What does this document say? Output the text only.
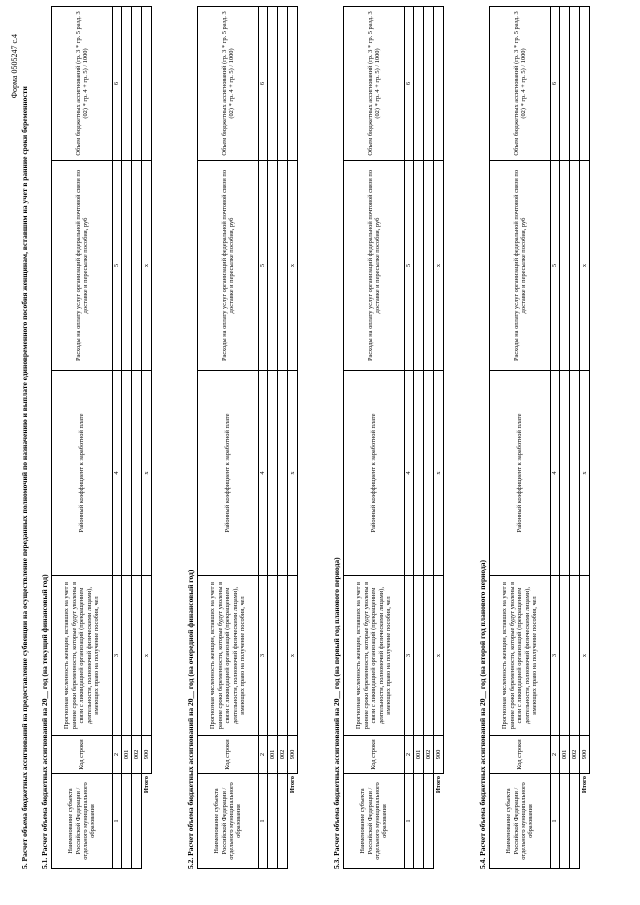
Форма 0505247 с.4
5. Расчет объема бюджетных ассигнований на предоставление субвенции на осуществление переданных полномочий по назначению и выплате единовременного пособия женщинам, вставшим на учет в ранние сроки беременности 5.1. Расчет объема бюджетных ассигнований на 20__ год (на текущий финансовый год)	Наименование субъекта Российской Федерации / отдельного муниципального образования	Код строки	Прогнозная численность женщин, вставших на учет в ранние сроки беременности, которые будут уволены в связи с ликвидацией организаций (прекращением деятельности, полномочий физическими лицами), имеющих право на получение пособия, чел	Районный коэффициент к заработной плате	Расходы на оплату услуг организаций федеральной почтовой связи по доставке и пересылке пособия, руб	Объем бюджетных ассигнований (гр. 3 * гр. 5 разд. 3 (02) * гр. 4 + гр. 5) / 1000)
1	2	3	4	5	6
	001				
	002				
Итого	900	x	x	x	
5.2. Расчет объема бюджетных ассигнований на 20__ год (на очередной финансовый год)	Наименование субъекта Российской Федерации / отдельного муниципального образования	Код строки	Прогнозная численность женщин, вставших на учет в ранние сроки беременности, которые будут уволены в связи с ликвидацией организаций (прекращением деятельности, полномочий физическими лицами), имеющих право на получение пособия, чел	Районный коэффициент к заработной плате	Расходы на оплату услуг организаций федеральной почтовой связи по доставке и пересылке пособия, руб	Объем бюджетных ассигнований (гр. 3 * гр. 5 разд. 3 (02) * гр. 4 + гр. 5) / 1000)
1	2	3	4	5	6
	001				
	002				
Итого	900	x	x	x	
5.3. Расчет объема бюджетных ассигнований на 20__ год (на первый год планового периода)	Наименование субъекта Российской Федерации / отдельного муниципального образования	Код строки	Прогнозная численность женщин, вставших на учет в ранние сроки беременности, которые будут уволены в связи с ликвидацией организаций (прекращением деятельности, полномочий физическими лицами), имеющих право на получение пособия, чел	Районный коэффициент к заработной плате	Расходы на оплату услуг организаций федеральной почтовой связи по доставке и пересылке пособия, руб	Объем бюджетных ассигнований (гр. 3 * гр. 5 разд. 3 (02) * гр. 4 + гр. 5) / 1000)
1	2	3	4	5	6
	001				
	002				
Итого	900	x	x	x	
5.4. Расчет объема бюджетных ассигнований на 20__ год (на второй год планового периода)	Наименование субъекта Российской Федерации / отдельного муниципального образования	Код строки	Прогнозная численность женщин, вставших на учет в ранние сроки беременности, которые будут уволены в связи с ликвидацией организаций (прекращением деятельности, полномочий физическими лицами), имеющих право на получение пособия, чел	Районный коэффициент к заработной плате	Расходы на оплату услуг организаций федеральной почтовой связи по доставке и пересылке пособия, руб	Объем бюджетных ассигнований (гр. 3 * гр. 5 разд. 3 (02) * гр. 4 + гр. 5) / 1000)
1	2	3	4	5	6
	001				
	002				
Итого	900	x	x	x	
